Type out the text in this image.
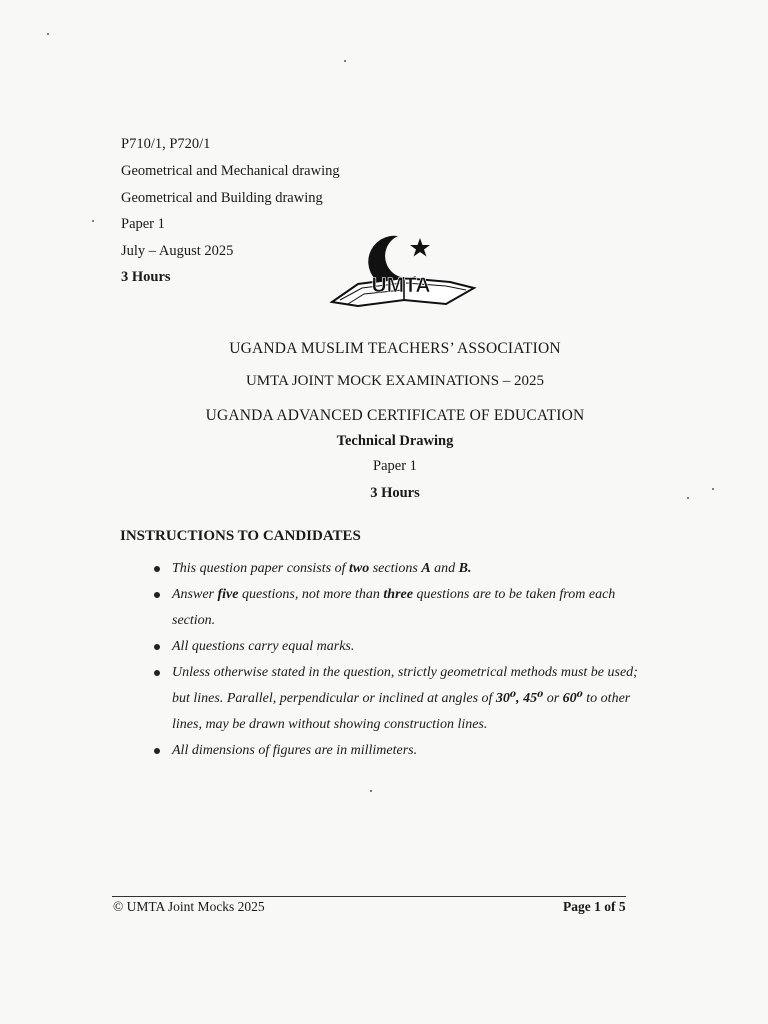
P710/1, P720/1
Geometrical and Mechanical drawing
Geometrical and Building drawing
Paper 1
July – August 2025
3 Hours	UMTA
UGANDA MUSLIM TEACHERS’ ASSOCIATION
UMTA JOINT MOCK EXAMINATIONS – 2025
UGANDA ADVANCED CERTIFICATE OF EDUCATION
Technical Drawing
Paper 1
3 Hours
INSTRUCTIONS TO CANDIDATES
This question paper consists of two sections A and B.
Answer five questions, not more than three questions are to be taken from each section.
All questions carry equal marks.
Unless otherwise stated in the question, strictly geometrical methods must be used; but lines. Parallel, perpendicular or inclined at angles of 30⁰, 45⁰ or 60⁰ to other lines, may be drawn without showing construction lines.
All dimensions of figures are in millimeters.
© UMTA Joint Mocks 2025	Page 1 of 5
